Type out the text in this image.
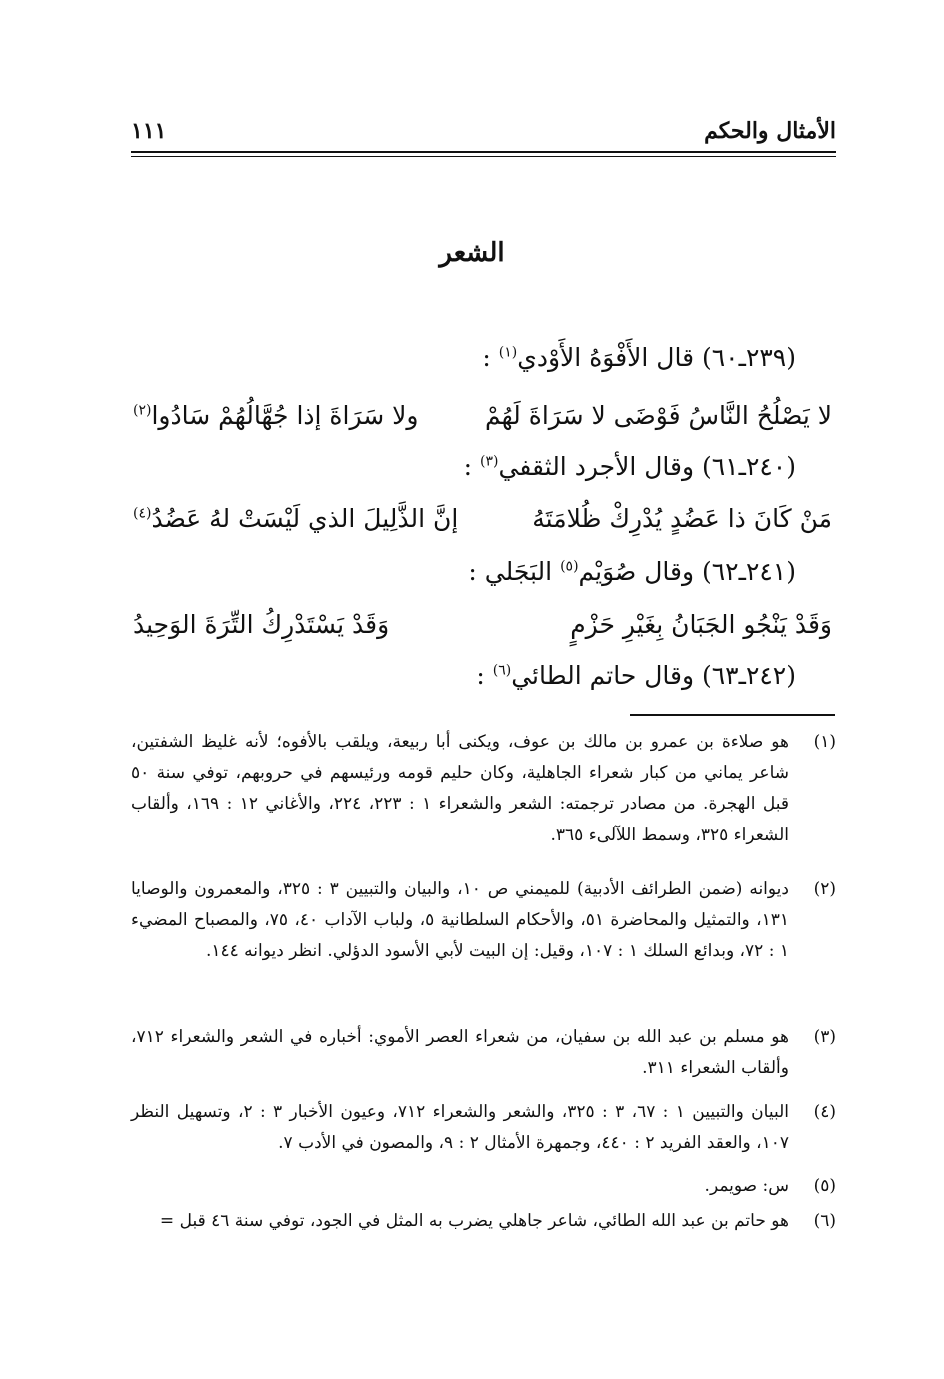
الأمثال والحكم
١١١
الشعر
(٢٣٩ـ٦٠) قال الأَفْوَهُ الأَوْدي$^{(١)}$ :
لا يَصْلُحُ النَّاسُ فَوْضَى لا سَرَاةَ لَهُمْ
ولا سَرَاةَ إذا جُهَّالُهُمْ سَادُوا$^{(٢)}$
(٢٤٠ـ٦١) وقال الأجرد الثقفي$^{(٣)}$ :
مَنْ كَانَ ذا عَضُدٍ يُدْرِكْ ظُلامَتَهُ
إنَّ الذَّلِيلَ الذي لَيْسَتْ لهُ عَضُدُ$^{(٤)}$
(٢٤١ـ٦٢) وقال صُوَيْم$^{(٥)}$ البَجَلي :
وَقَدْ يَنْجُو الجَبَانُ بِغَيْرِ حَزْمٍ
وَقَدْ يَسْتَدْرِكُ التِّرَةَ الوَحِيدُ
(٢٤٢ـ٦٣) وقال حاتم الطائي$^{(٦)}$ :
(١)
هو صلاءة بن عمرو بن مالك بن عوف، ويكنى أبا ربيعة، ويلقب بالأفوه؛ لأنه غليظ الشفتين، شاعر يماني من كبار شعراء الجاهلية، وكان حليم قومه ورئيسهم في حروبهم، توفي سنة ٥٠ قبل الهجرة. من مصادر ترجمته: الشعر والشعراء ١ : ٢٢٣، ٢٢٤، والأغاني ١٢ : ١٦٩، وألقاب الشعراء ٣٢٥، وسمط اللآلىء ٣٦٥.
(٢)
ديوانه (ضمن الطرائف الأدبية) للميمني ص ١٠، والبيان والتبيين ٣ : ٣٢٥، والمعمرون والوصايا ١٣١، والتمثيل والمحاضرة ٥١، والأحكام السلطانية ٥، ولباب الآداب ٤٠، ٧٥، والمصباح المضيء ١ : ٧٢، وبدائع السلك ١ : ١٠٧، وقيل: إن البيت لأبي الأسود الدؤلي. انظر ديوانه ١٤٤.
(٣)
هو مسلم بن عبد الله بن سفيان، من شعراء العصر الأموي: أخباره في الشعر والشعراء ٧١٢، وألقاب الشعراء ٣١١.
(٤)
البيان والتبيين ١ : ٦٧، ٣ : ٣٢٥، والشعر والشعراء ٧١٢، وعيون الأخبار ٣ : ٢، وتسهيل النظر ١٠٧، والعقد الفريد ٢ : ٤٤٠، وجمهرة الأمثال ٢ : ٩، والمصون في الأدب ٧.
(٥)
س: صويمر.
(٦)
هو حاتم بن عبد الله الطائي، شاعر جاهلي يضرب به المثل في الجود، توفي سنة ٤٦ قبل =
